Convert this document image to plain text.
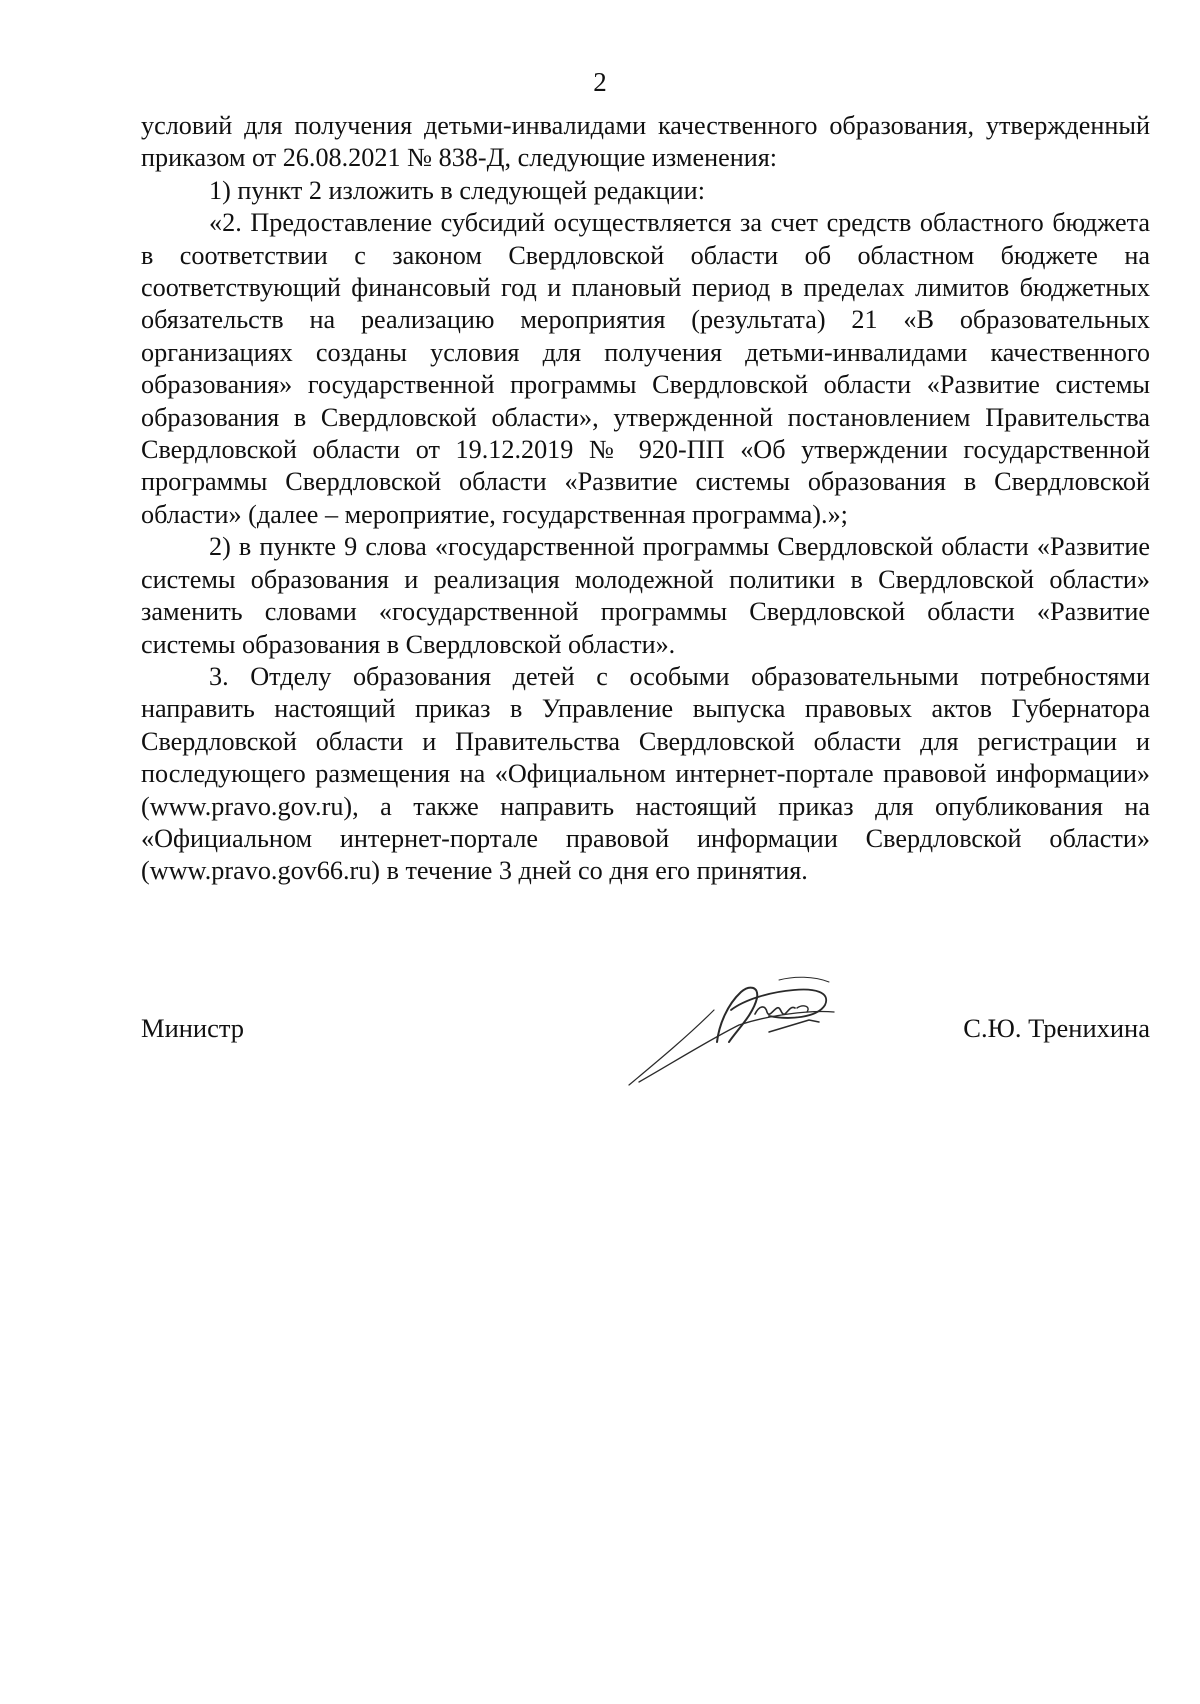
2

условий для получения детьми-инвалидами качественного образования, утвержденный приказом от 26.08.2021 № 838-Д, следующие изменения:

1) пункт 2 изложить в следующей редакции:

«2. Предоставление субсидий осуществляется за счет средств областного бюджета в соответствии с законом Свердловской области об областном бюджете на соответствующий финансовый год и плановый период в пределах лимитов бюджетных обязательств на реализацию мероприятия (результата) 21 «В образовательных организациях созданы условия для получения детьми-инвалидами качественного образования» государственной программы Свердловской области «Развитие системы образования в Свердловской области», утвержденной постановлением Правительства Свердловской области от 19.12.2019 № 920-ПП «Об утверждении государственной программы Свердловской области «Развитие системы образования в Свердловской области» (далее – мероприятие, государственная программа).»;

2) в пункте 9 слова «государственной программы Свердловской области «Развитие системы образования и реализация молодежной политики в Свердловской области» заменить словами «государственной программы Свердловской области «Развитие системы образования в Свердловской области».

3. Отделу образования детей с особыми образовательными потребностями направить настоящий приказ в Управление выпуска правовых актов Губернатора Свердловской области и Правительства Свердловской области для регистрации и последующего размещения на «Официальном интернет-портале правовой информации» (www.pravo.gov.ru), а также направить настоящий приказ для опубликования на «Официальном интернет-портале правовой информации Свердловской области» (www.pravo.gov66.ru) в течение 3 дней со дня его принятия.

Министр	С.Ю. Тренихина
